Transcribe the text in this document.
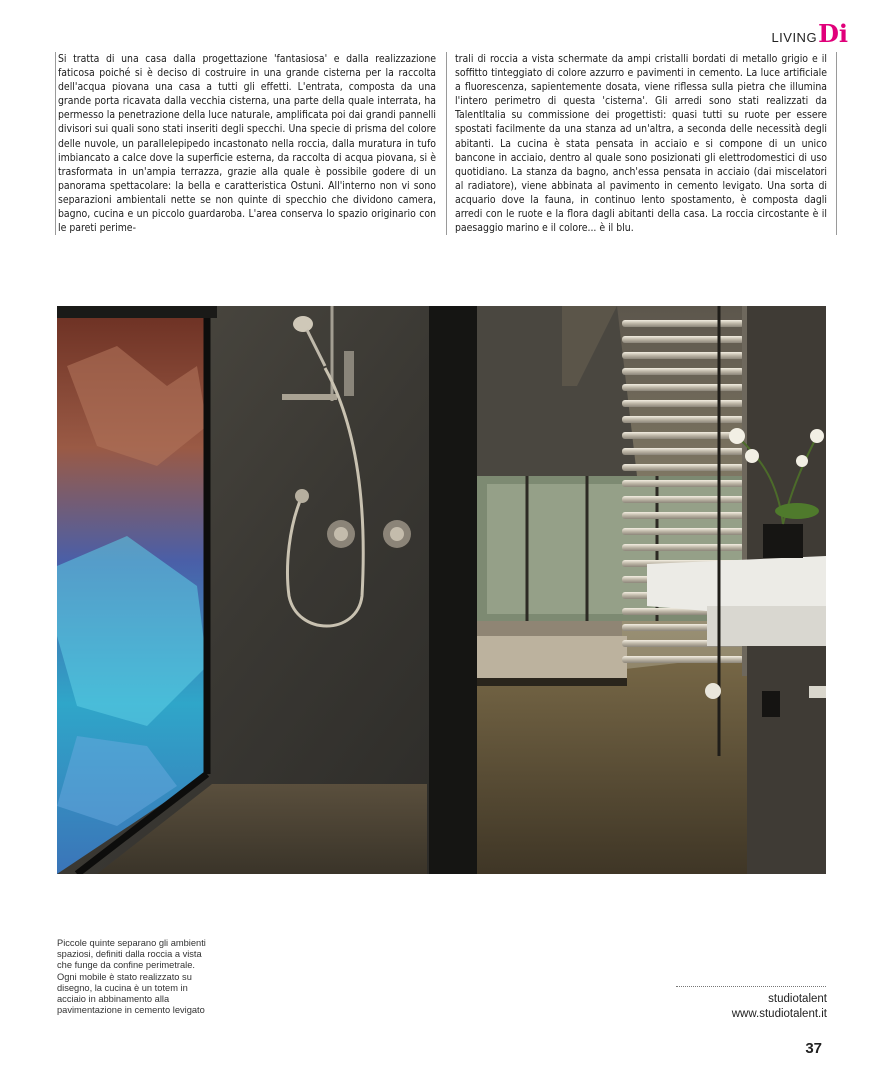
LIVING Di
Si tratta di una casa dalla progettazione 'fantasiosa' e dalla realizzazione faticosa poiché si è deciso di costruire in una grande cisterna per la raccolta dell'acqua piovana una casa a tutti gli effetti. L'entrata, composta da una grande porta ricavata dalla vecchia cisterna, una parte della quale interrata, ha permesso la penetrazione della luce naturale, amplificata poi dai grandi pannelli divisori sui quali sono stati inseriti degli specchi. Una specie di prisma del colore delle nuvole, un parallelepipedo incastonato nella roccia, dalla muratura in tufo imbiancato a calce dove la superficie esterna, da raccolta di acqua piovana, si è trasformata in un'ampia terrazza, grazie alla quale è possibile godere di un panorama spettacolare: la bella e caratteristica Ostuni. All'interno non vi sono separazioni ambientali nette se non quinte di specchio che dividono camera, bagno, cucina e un piccolo guardaroba. L'area conserva lo spazio originario con le pareti perime-
trali di roccia a vista schermate da ampi cristalli bordati di metallo grigio e il soffitto tinteggiato di colore azzurro e pavimenti in cemento. La luce artificiale a fluorescenza, sapientemente dosata, viene riflessa sulla pietra che illumina l'intero perimetro di questa 'cisterna'. Gli arredi sono stati realizzati da TalentItalia su commissione dei progettisti: quasi tutti su ruote per essere spostati facilmente da una stanza ad un'altra, a seconda delle necessità degli abitanti. La cucina è stata pensata in acciaio e si compone di un unico bancone in acciaio, dentro al quale sono posizionati gli elettrodomestici di uso quotidiano. La stanza da bagno, anch'essa pensata in acciaio (dai miscelatori al radiatore), viene abbinata al pavimento in cemento levigato. Una sorta di acquario dove la fauna, in continuo lento spostamento, è composta dagli arredi con le ruote e la flora dagli abitanti della casa. La roccia circostante è il paesaggio marino e il colore... è il blu.
Piccole quinte separano gli ambienti spaziosi, definiti dalla roccia a vista che funge da confine perimetrale. Ogni mobile è stato realizzato su disegno, la cucina è un totem in acciaio in abbinamento alla pavimentazione in cemento levigato
studiotalent
www.studiotalent.it
37
